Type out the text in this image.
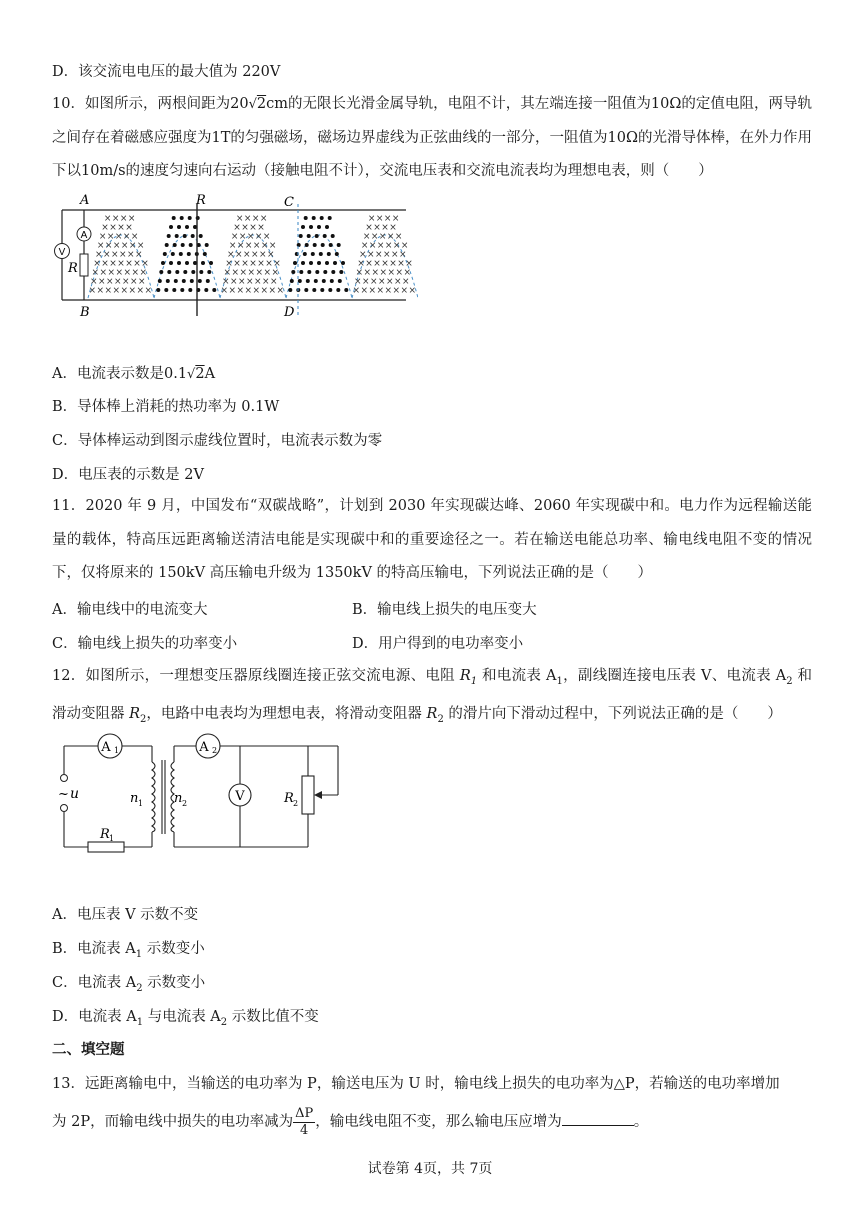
D．该交流电电压的最大值为 220V
10．如图所示，两根间距为20√2cm的无限长光滑金属导轨，电阻不计，其左端连接一阻值为10Ω的定值电阻，两导轨之间存在着磁感应强度为1T的匀强磁场，磁场边界虚线为正弦曲线的一部分，一阻值为10Ω的光滑导体棒，在外力作用下以10m/s的速度匀速向右运动（接触电阻不计），交流电压表和交流电流表均为理想电表，则（　　）
A
V
A
B
R
R	C
D
× × × ×
× × × ×
× × × × ×
× × × × × ×
× × × × × ×
× × × × × × ×
× × × × × × ×
× × × × × × ×
× × × × × × × ×
× × × ×
× × × ×
× × × × ×
× × × × × ×
× × × × × ×
× × × × × × ×
× × × × × × ×
× × × × × × ×
× × × × × × × ×
× × × ×
× × × ×
× × × × ×
× × × × × ×
× × × × × ×
× × × × × × ×
× × × × × × ×
× × × × × × ×
× × × × × × × ×
A．电流表示数是0.1√2A
B．导体棒上消耗的热功率为 0.1W
C．导体棒运动到图示虚线位置时，电流表示数为零
D．电压表的示数是 2V
11．2020 年 9 月，中国发布“双碳战略”，计划到 2030 年实现碳达峰、2060 年实现碳中和。电力作为远程输送能量的载体，特高压远距离输送清洁电能是实现碳中和的重要途径之一。若在输送电能总功率、输电线电阻不变的情况下，仅将原来的 150kV 高压输电升级为 1350kV 的特高压输电，下列说法正确的是（　　）
A．输电线中的电流变大	B．输电线上损失的电压变大
C．输电线上损失的功率变小	D．用户得到的电功率变小
12．如图所示，一理想变压器原线圈连接正弦交流电源、电阻 $R_1$ 和电流表 $A_1$，副线圈连接电压表 V、电流表 $A_2$ 和滑动变阻器 $R_2$，电路中电表均为理想电表，将滑动变阻器 $R_2$ 的滑片向下滑动过程中，下列说法正确的是（　　）
A 1	A 2
V
~ u	n 1 n 2
R 1
R 2
A．电压表 V 示数不变
B．电流表 $A_1$ 示数变小
C．电流表 $A_2$ 示数变小
D．电流表 $A_1$ 与电流表 $A_2$ 示数比值不变
二、填空题
13．远距离输电中，当输送的电功率为 P，输送电压为 U 时，输电线上损失的电功率为△P，若输送的电功率增加
为 2P，而输电线中损失的电功率减为 $\frac{\Delta P}{4}$ ，输电线电阻不变，那么输电压应增为	。
试卷第 4页，共 7页
